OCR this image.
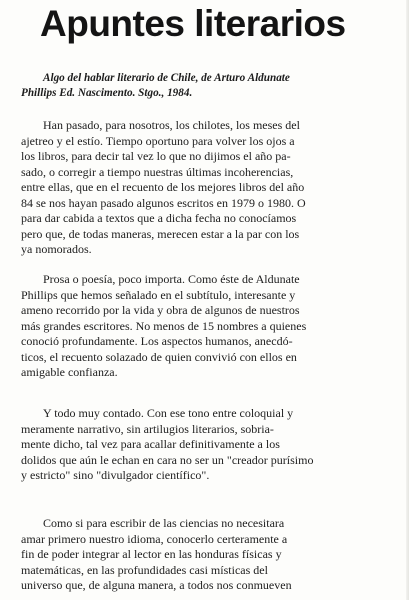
Apuntes literarios
Algo del hablar literario de Chile, de Arturo Aldunate
Phillips Ed. Nascimento. Stgo., 1984.
Han pasado, para nosotros, los chilotes, los meses del
ajetreo y el estío. Tiempo oportuno para volver los ojos a
los libros, para decir tal vez lo que no dijimos el año pa-
sado, o corregir a tiempo nuestras últimas incoherencias,
entre ellas, que en el recuento de los mejores libros del año
84 se nos hayan pasado algunos escritos en 1979 o 1980. O
para dar cabida a textos que a dicha fecha no conocíamos
pero que, de todas maneras, merecen estar a la par con los
ya nomorados.
Prosa o poesía, poco importa. Como éste de Aldunate
Phillips que hemos señalado en el subtítulo, interesante y
ameno recorrido por la vida y obra de algunos de nuestros
más grandes escritores. No menos de 15 nombres a quienes
conoció profundamente. Los aspectos humanos, anecdó-
ticos, el recuento solazado de quien convivió con ellos en
amigable confianza.
Y todo muy contado. Con ese tono entre coloquial y
meramente narrativo, sin artilugios literarios, sobria-
mente dicho, tal vez para acallar definitivamente a los
dolidos que aún le echan en cara no ser un "creador purísimo
y estricto" sino "divulgador científico".
Como si para escribir de las ciencias no necesitara
amar primero nuestro idioma, conocerlo certeramente a
fin de poder integrar al lector en las honduras físicas y
matemáticas, en las profundidades casi místicas del
universo que, de alguna manera, a todos nos conmueven
